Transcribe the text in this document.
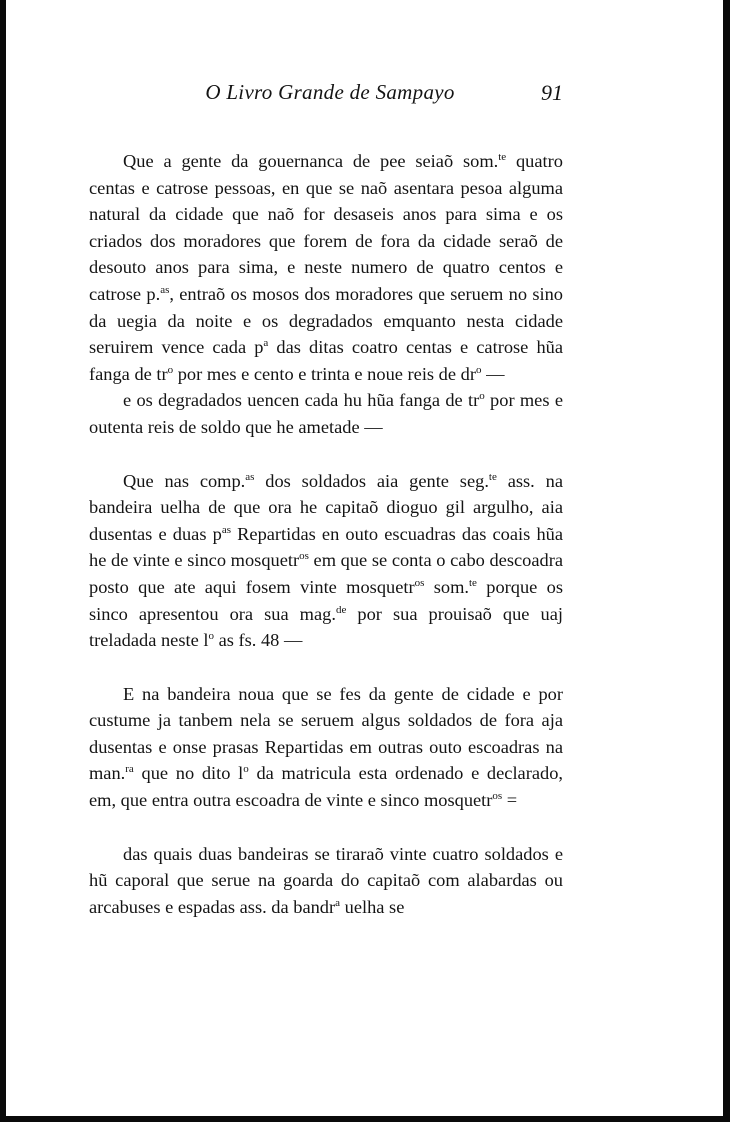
O Livro Grande de Sampayo	91

Que a gente da gouernanca de pee seiaõ som.$^{te}$ quatro centas e catrose pessoas, en que se naõ asentara pesoa alguma natural da cidade que naõ for desaseis anos para sima e os criados dos moradores que forem de fora da cidade seraõ de desouto anos para sima, e neste numero de quatro centos e catrose p.$^{as}$, entraõ os mosos dos moradores que seruem no sino da uegia da noite e os degradados emquanto nesta cidade seruirem vence cada $p^a$ das ditas coatro centas e catrose hũa fanga de $tr^o$ por mes e cento e trinta e noue reis de $dr^o$ —

e os degradados uencen cada hu hũa fanga de $tr^o$ por mes e outenta reis de soldo que he ametade —

Que nas comp.$^{as}$ dos soldados aia gente seg.$^{te}$ ass. na bandeira uelha de que ora he capitaõ dioguo gil argulho, aia dusentas e duas $p^{as}$ Repartidas en outo escuadras das coais hũa he de vinte e sinco mosquetr$^{os}$ em que se conta o cabo descoadra posto que ate aqui fosem vinte mosquetr$^{os}$ som.$^{te}$ porque os sinco apresentou ora sua mag.$^{de}$ por sua prouisaõ que uaj treladada neste $l^o$ as fs. 48 —

E na bandeira noua que se fes da gente de cidade e por custume ja tanbem nela se seruem algus soldados de fora aja dusentas e onse prasas Repartidas em outras outo escoadras na man.$^{ra}$ que no dito $l^o$ da matricula esta ordenado e declarado, em, que entra outra escoadra de vinte e sinco mosquetr$^{os}$ =

das quais duas bandeiras se tiraraõ vinte cuatro soldados e hũ caporal que serue na goarda do capitaõ com alabardas ou arcabuses e espadas ass. da bandr$^a$ uelha se
